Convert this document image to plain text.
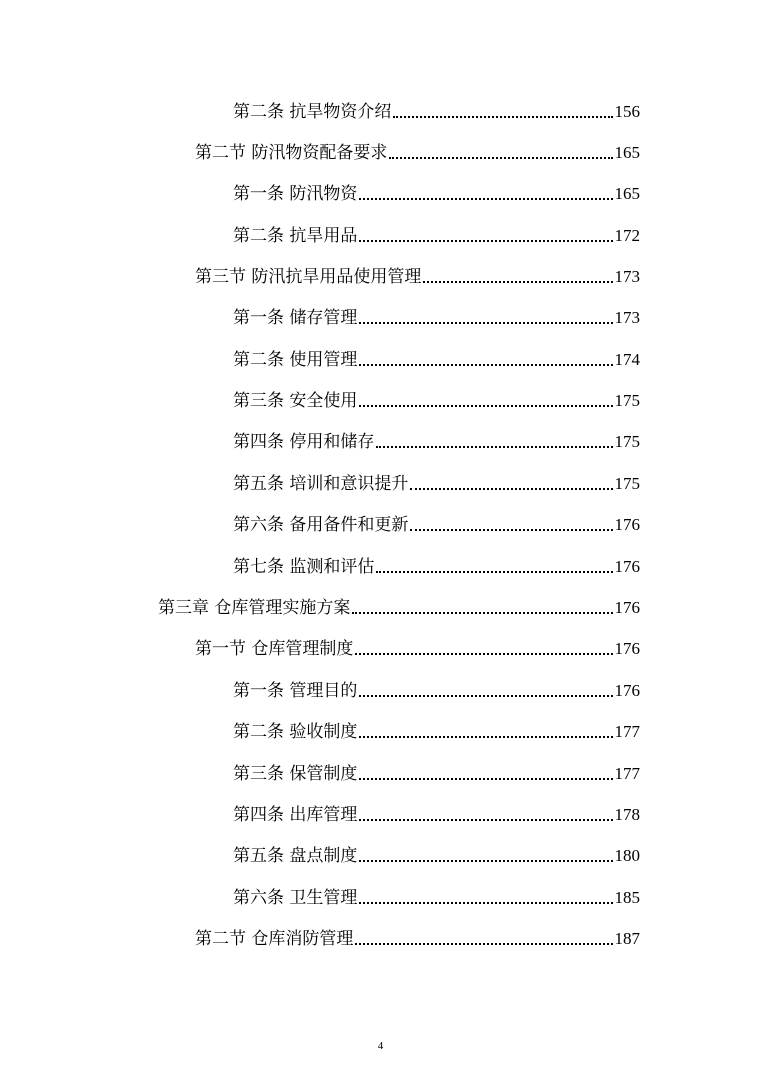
第二条 抗旱物资介绍	156
第二节 防汛物资配备要求	165
第一条 防汛物资	165
第二条 抗旱用品	172
第三节 防汛抗旱用品使用管理	173
第一条 储存管理	173
第二条 使用管理	174
第三条 安全使用	175
第四条 停用和储存	175
第五条 培训和意识提升	175
第六条 备用备件和更新	176
第七条 监测和评估	176
第三章 仓库管理实施方案	176
第一节 仓库管理制度	176
第一条 管理目的	176
第二条 验收制度	177
第三条 保管制度	177
第四条 出库管理	178
第五条 盘点制度	180
第六条 卫生管理	185
第二节 仓库消防管理	187
4
